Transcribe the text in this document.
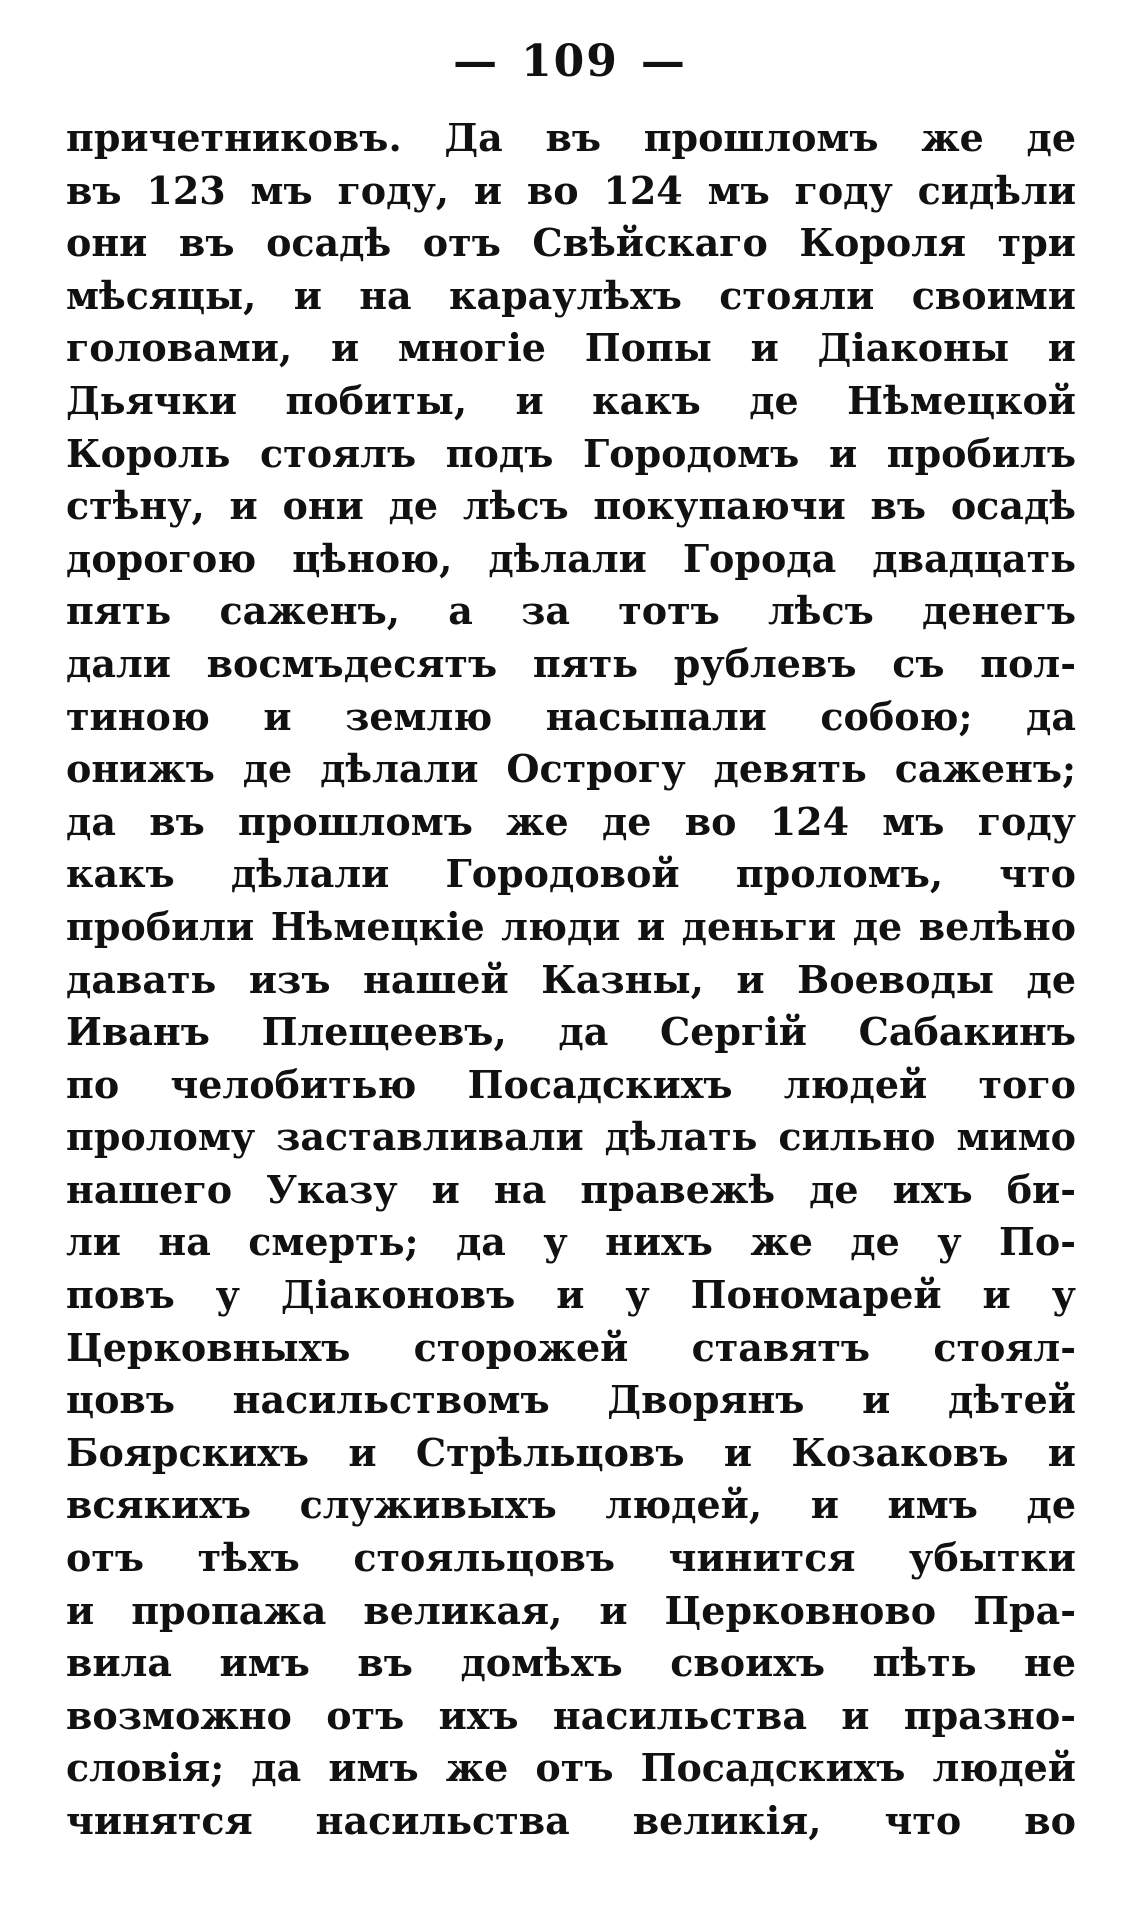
— 109 —
причетниковъ. Да въ прошломъ же де
въ 123 мъ году, и во 124 мъ году сидѣли
они въ осадѣ отъ Свѣйскаго Короля три
мѣсяцы, и на караулѣхъ стояли своими
головами, и многіе Попы и Діаконы и
Дьячки побиты, и какъ де Нѣмецкой
Король стоялъ подъ Городомъ и пробилъ
стѣну, и они де лѣсъ покупаючи въ осадѣ
дорогою цѣною, дѣлали Города двадцать
пять саженъ, а за тотъ лѣсъ денегъ
дали восмъдесятъ пять рублевъ съ пол-
тиною и землю насыпали собою; да
онижъ де дѣлали Острогу девять саженъ;
да въ прошломъ же де во 124 мъ году
какъ дѣлали Городовой проломъ, что
пробили Нѣмецкіе люди и деньги де велѣно
давать изъ нашей Казны, и Воеводы де
Иванъ Плещеевъ, да Сергій Сабакинъ
по челобитью Посадскихъ людей того
пролому заставливали дѣлать сильно мимо
нашего Указу и на правежѣ де ихъ би-
ли на смерть; да у нихъ же де у По-
повъ у Діаконовъ и у Пономарей и у
Церковныхъ сторожей ставятъ стоял-
цовъ насильствомъ Дворянъ и дѣтей
Боярскихъ и Стрѣльцовъ и Козаковъ и
всякихъ служивыхъ людей, и имъ де
отъ тѣхъ стояльцовъ чинится убытки
и пропажа великая, и Церковново Пра-
вила имъ въ домѣхъ своихъ пѣть не
возможно отъ ихъ насильства и празно-
словія; да имъ же отъ Посадскихъ людей
чинятся насильства великія, что во
